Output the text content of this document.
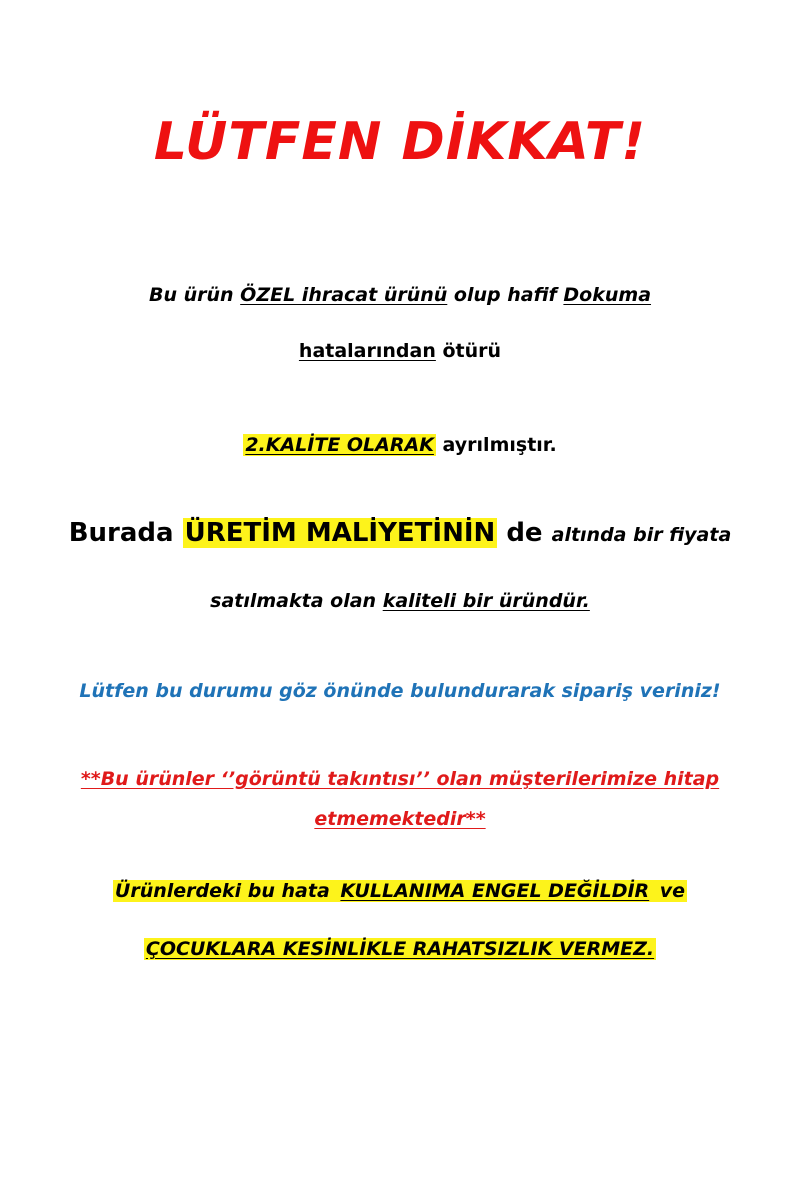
LÜTFEN DİKKAT!
Bu ürün ÖZEL ihracat ürünü olup hafif Dokuma
hatalarından ötürü
2.KALİTE OLARAK ayrılmıştır.
Burada ÜRETİM MALİYETİNİN de altında bir fiyata
satılmakta olan kaliteli bir üründür.
Lütfen bu durumu göz önünde bulundurarak sipariş veriniz!
**Bu ürünler ‘’görüntü takıntısı’’ olan müşterilerimize hitap
etmemektedir**
Ürünlerdeki bu hata KULLANIMA ENGEL DEĞİLDİR ve
ÇOCUKLARA KESİNLİKLE RAHATSIZLIK VERMEZ.
